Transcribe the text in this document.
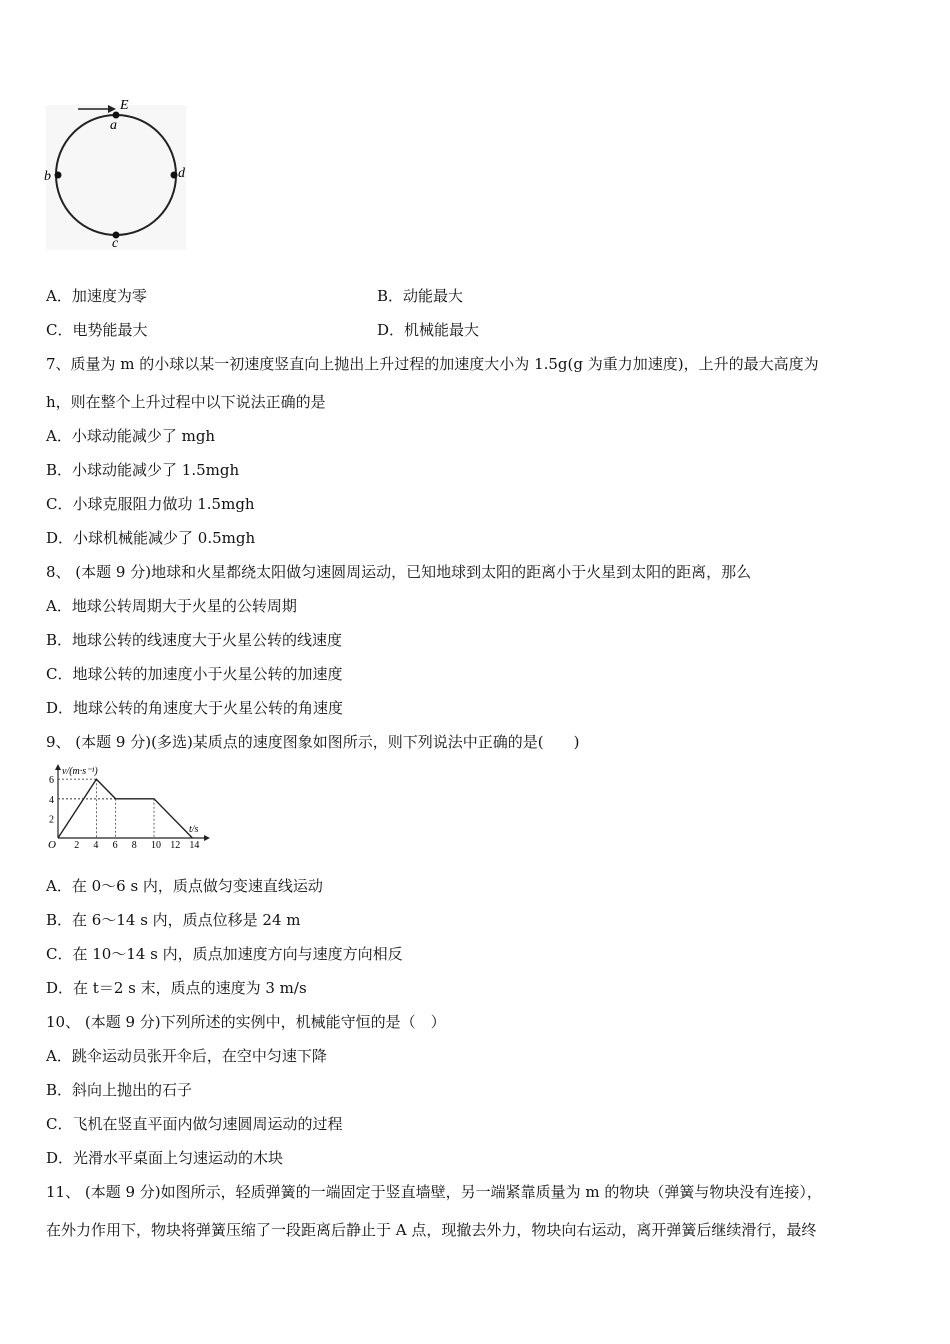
E
a
b	d
c
A．加速度为零	B．动能最大
C．电势能最大	D．机械能最大
7、质量为 m 的小球以某一初速度竖直向上抛出上升过程的加速度大小为 1.5g(g 为重力加速度)，上升的最大高度为
h，则在整个上升过程中以下说法正确的是
A．小球动能减少了 mgh
B．小球动能减少了 1.5mgh
C．小球克服阻力做功 1.5mgh
D．小球机械能减少了 0.5mgh
8、 (本题 9 分)地球和火星都绕太阳做匀速圆周运动，已知地球到太阳的距离小于火星到太阳的距离，那么
A．地球公转周期大于火星的公转周期
B．地球公转的线速度大于火星公转的线速度
C．地球公转的加速度小于火星公转的加速度
D．地球公转的角速度大于火星公转的角速度
9、 (本题 9 分)(多选)某质点的速度图象如图所示，则下列说法中正确的是(　　)
2 4 6 8 10 12 14
2
4
6
O
v/(m·s⁻¹)
t/s
A．在 0～6 s 内，质点做匀变速直线运动
B．在 6～14 s 内，质点位移是 24 m
C．在 10～14 s 内，质点加速度方向与速度方向相反
D．在 t＝2 s 末，质点的速度为 3 m/s
10、 (本题 9 分)下列所述的实例中，机械能守恒的是（　）
A．跳伞运动员张开伞后，在空中匀速下降
B．斜向上抛出的石子
C．飞机在竖直平面内做匀速圆周运动的过程
D．光滑水平桌面上匀速运动的木块
11、 (本题 9 分)如图所示，轻质弹簧的一端固定于竖直墙壁，另一端紧靠质量为 m 的物块（弹簧与物块没有连接），
在外力作用下，物块将弹簧压缩了一段距离后静止于 A 点，现撤去外力，物块向右运动，离开弹簧后继续滑行，最终
